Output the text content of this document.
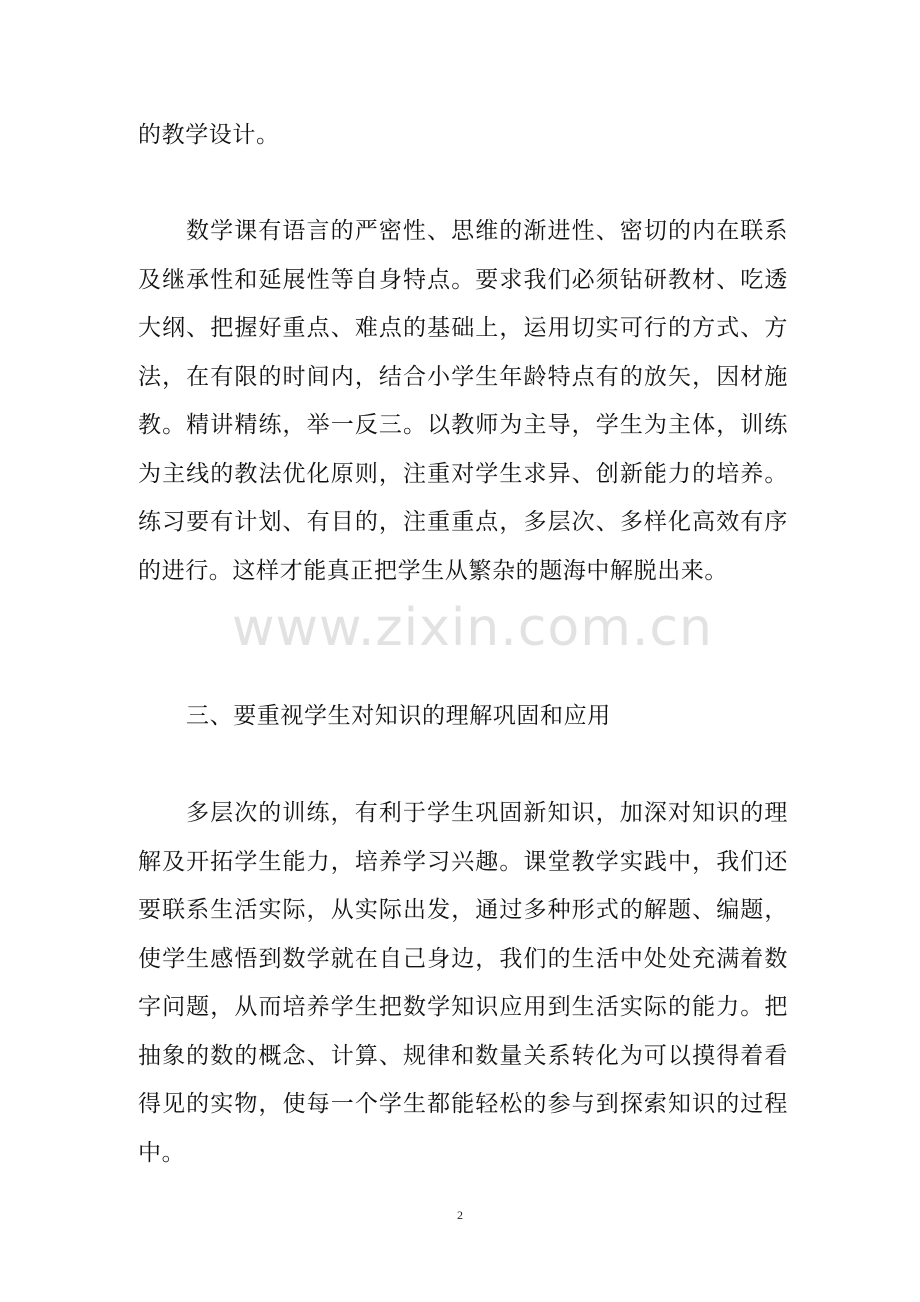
的教学设计。

数学课有语言的严密性、思维的渐进性、密切的内在联系及继承性和延展性等自身特点。要求我们必须钻研教材、吃透大纲、把握好重点、难点的基础上，运用切实可行的方式、方法，在有限的时间内，结合小学生年龄特点有的放矢，因材施教。精讲精练，举一反三。以教师为主导，学生为主体，训练为主线的教法优化原则，注重对学生求异、创新能力的培养。练习要有计划、有目的，注重重点，多层次、多样化高效有序的进行。这样才能真正把学生从繁杂的题海中解脱出来。

三、要重视学生对知识的理解巩固和应用

多层次的训练，有利于学生巩固新知识，加深对知识的理解及开拓学生能力，培养学习兴趣。课堂教学实践中，我们还要联系生活实际，从实际出发，通过多种形式的解题、编题，使学生感悟到数学就在自己身边，我们的生活中处处充满着数字问题，从而培养学生把数学知识应用到生活实际的能力。把抽象的数的概念、计算、规律和数量关系转化为可以摸得着看得见的实物，使每一个学生都能轻松的参与到探索知识的过程中。

www.zixin.com.cn
2
